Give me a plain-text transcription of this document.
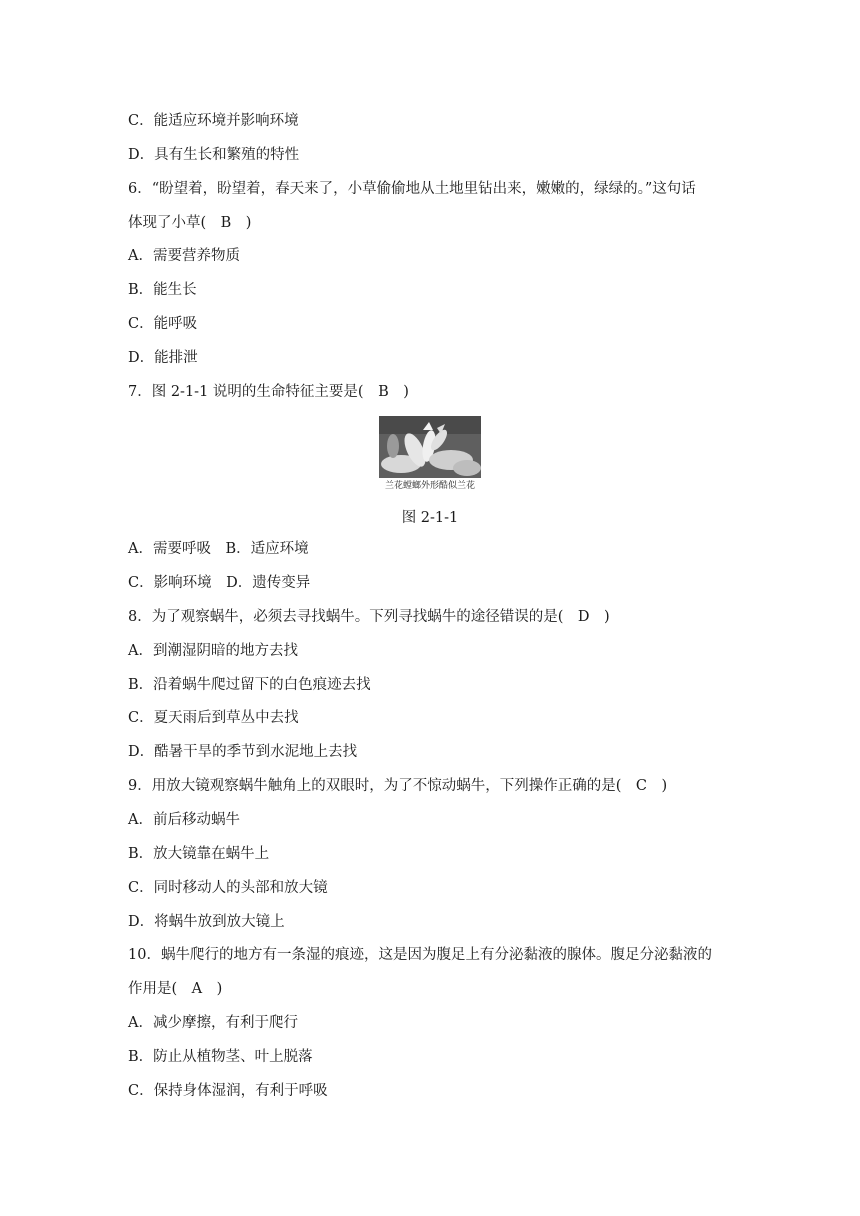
C．能适应环境并影响环境
D．具有生长和繁殖的特性
6．“盼望着，盼望着，春天来了，小草偷偷地从土地里钻出来，嫩嫩的，绿绿的。”这句话
体现了小草(　B　)
A．需要营养物质
B．能生长
C．能呼吸
D．能排泄
7．图 2-1-1 说明的生命特征主要是(　B　)
兰花螳螂外形酷似兰花
图 2-1-1
A．需要呼吸　B．适应环境
C．影响环境　D．遗传变异
8．为了观察蜗牛，必须去寻找蜗牛。下列寻找蜗牛的途径错误的是(　D　)
A．到潮湿阴暗的地方去找
B．沿着蜗牛爬过留下的白色痕迹去找
C．夏天雨后到草丛中去找
D．酷暑干旱的季节到水泥地上去找
9．用放大镜观察蜗牛触角上的双眼时，为了不惊动蜗牛，下列操作正确的是(　C　)
A．前后移动蜗牛
B．放大镜靠在蜗牛上
C．同时移动人的头部和放大镜
D．将蜗牛放到放大镜上
10．蜗牛爬行的地方有一条湿的痕迹，这是因为腹足上有分泌黏液的腺体。腹足分泌黏液的
作用是(　A　)
A．减少摩擦，有利于爬行
B．防止从植物茎、叶上脱落
C．保持身体湿润，有利于呼吸
